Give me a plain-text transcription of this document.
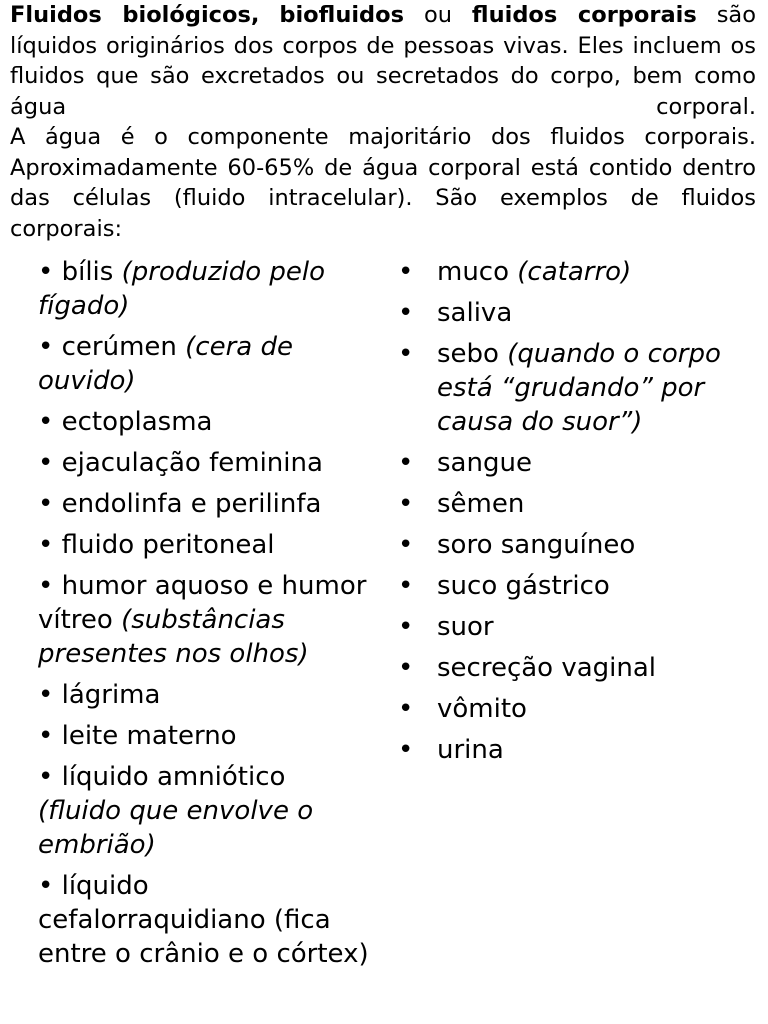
Fluidos biológicos, biofluidos ou fluidos corporais são líquidos originários dos corpos de pessoas vivas. Eles incluem os fluidos que são excretados ou secretados do corpo, bem como água corporal.
A água é o componente majoritário dos fluidos corporais. Aproximadamente 60-65% de água corporal está contido dentro das células (fluido intracelular). São exemplos de fluidos corporais:

• bílis (produzido pelo fígado)
• cerúmen (cera de ouvido)
• ectoplasma
• ejaculação feminina
• endolinfa e perilinfa
• fluido peritoneal
• humor aquoso e humor vítreo (substâncias presentes nos olhos)
• lágrima
• leite materno
• líquido amniótico (fluido que envolve o embrião)
• líquido cefalorraquidiano (fica entre o crânio e o córtex)
• muco (catarro)
• saliva
• sebo (quando o corpo está “grudando” por causa do suor”)
• sangue
• sêmen
• soro sanguíneo
• suco gástrico
• suor
• secreção vaginal
• vômito
• urina
